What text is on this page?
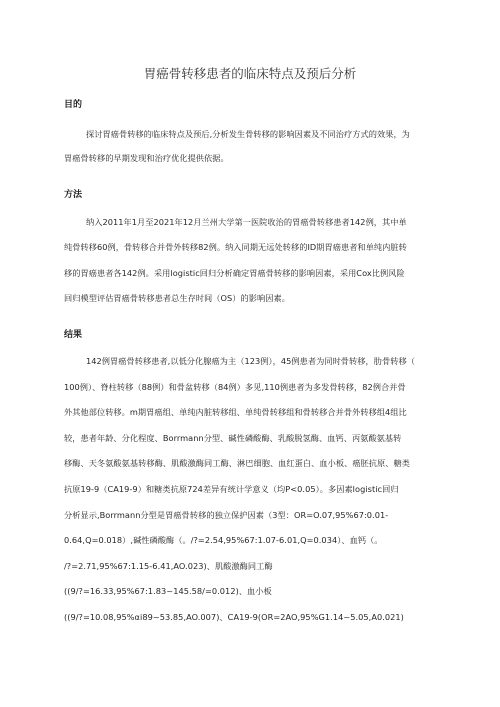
胃癌骨转移患者的临床特点及预后分析
目的
探讨胃癌骨转移的临床特点及预后,分析发生骨转移的影响因素及不同治疗方式的效果，为
胃癌骨转移的早期发现和治疗优化提供依据。
方法
纳入2011年1月至2021年12月兰州大学第一医院收治的胃癌骨转移患者142例，其中单
纯骨转移60例，骨转移合并骨外转移82例。纳入同期无远处转移的ID期胃癌患者和单纯内脏转
移的胃癌患者各142例。采用logistic回归分析确定胃癌骨转移的影响因素，采用Cox比例风险
回归模型评估胃癌骨转移患者总生存时间（OS）的影响因素。
结果
142例胃癌骨转移患者,以低分化腺癌为主（123例），45例患者为同时骨转移，肋骨转移（
100例）、脊柱转移（88例）和骨盆转移（84例）多见,110例患者为多发骨转移，82例合并骨
外其他部位转移。m期胃癌组、单纯内脏转移组、单纯骨转移组和骨转移合并骨外转移组4组比
较，患者年龄、分化程度、Borrmann分型、碱性磷酸酶、乳酸脱氢酶、血钙、丙氨酸氨基转
移酶、天冬氨酸氨基转移酶、肌酸激酶同工酶、淋巴细胞、血红蛋白、血小板、癌胚抗原、糖类
抗原19-9（CA19-9）和糖类抗原724差异有统计学意义（均P<0.05）。多因素logistic回归
分析显示,Borrmann分型是胃癌骨转移的独立保护因素（3型：OR=O.07,95%67:0.01-
0.64,Q=0.018）,碱性磷酸酶（。/?=2.54,95%67:1.07-6.01,Q=0.034）、血钙（。
/?=2.71,95%67:1.15-6.41,AO.023)、肌酸激酶同工酶
((9/?=16.33,95%67:1.83~145.58/=0.012)、血小板
((9/?=10.08,95%αi89~53.85,AO.007)、CA19-9(OR=2AO,95%G1.14~5.05,A0.021)
